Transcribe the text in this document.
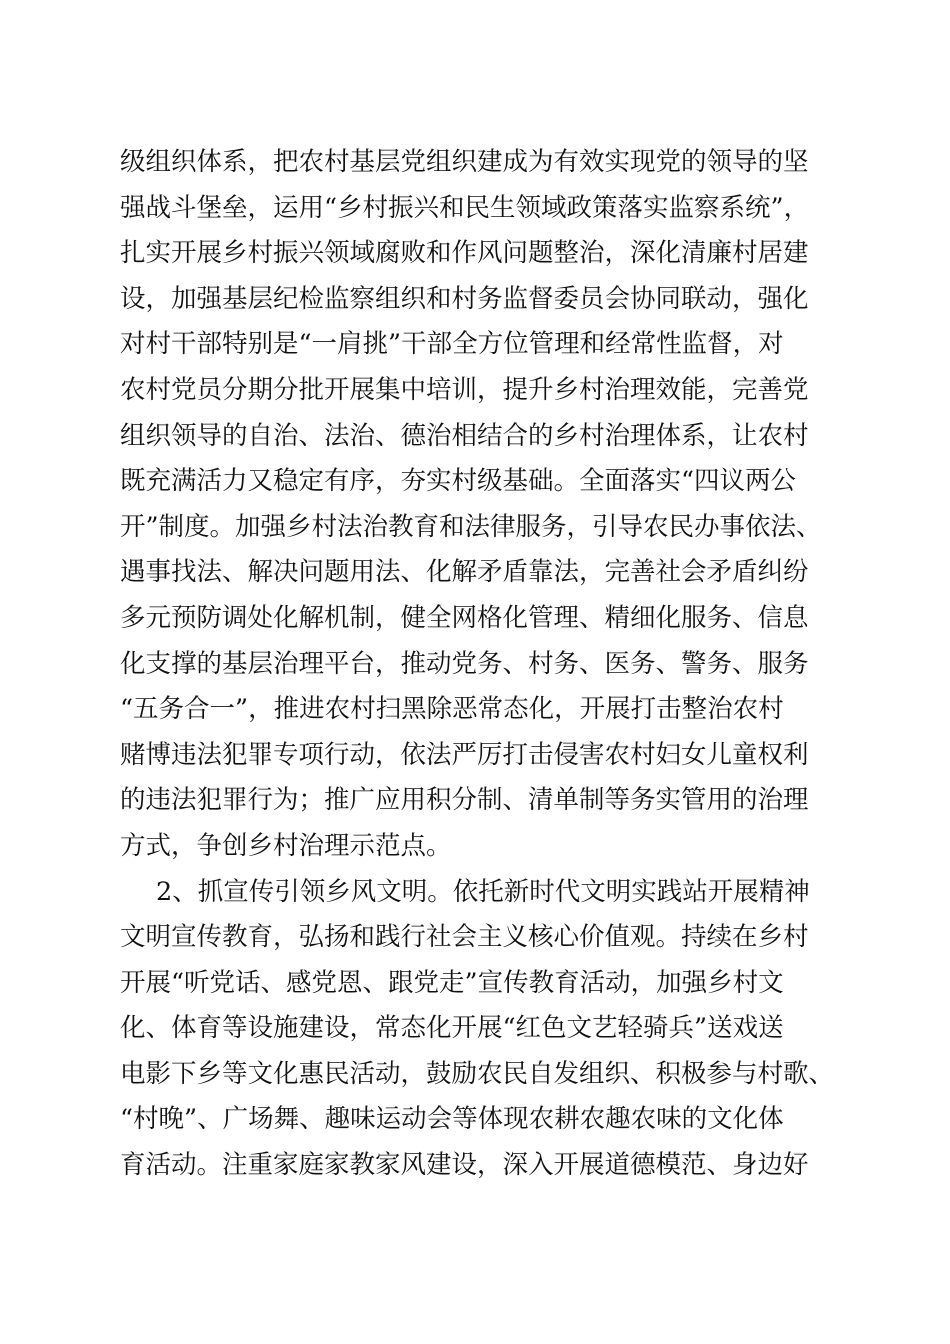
级组织体系，把农村基层党组织建成为有效实现党的领导的坚
强战斗堡垒，运用“乡村振兴和民生领域政策落实监察系统”，
扎实开展乡村振兴领域腐败和作风问题整治，深化清廉村居建
设，加强基层纪检监察组织和村务监督委员会协同联动，强化
对村干部特别是“一肩挑”干部全方位管理和经常性监督，对
农村党员分期分批开展集中培训，提升乡村治理效能，完善党
组织领导的自治、法治、德治相结合的乡村治理体系，让农村
既充满活力又稳定有序，夯实村级基础。全面落实“四议两公
开”制度。加强乡村法治教育和法律服务，引导农民办事依法、
遇事找法、解决问题用法、化解矛盾靠法，完善社会矛盾纠纷
多元预防调处化解机制，健全网格化管理、精细化服务、信息
化支撑的基层治理平台，推动党务、村务、医务、警务、服务
“五务合一”，推进农村扫黑除恶常态化，开展打击整治农村
赌博违法犯罪专项行动，依法严厉打击侵害农村妇女儿童权利
的违法犯罪行为；推广应用积分制、清单制等务实管用的治理
方式，争创乡村治理示范点。
2、抓宣传引领乡风文明。依托新时代文明实践站开展精神
文明宣传教育，弘扬和践行社会主义核心价值观。持续在乡村
开展“听党话、感党恩、跟党走”宣传教育活动，加强乡村文
化、体育等设施建设，常态化开展“红色文艺轻骑兵”送戏送
电影下乡等文化惠民活动，鼓励农民自发组织、积极参与村歌、
“村晚”、广场舞、趣味运动会等体现农耕农趣农味的文化体
育活动。注重家庭家教家风建设，深入开展道德模范、身边好
